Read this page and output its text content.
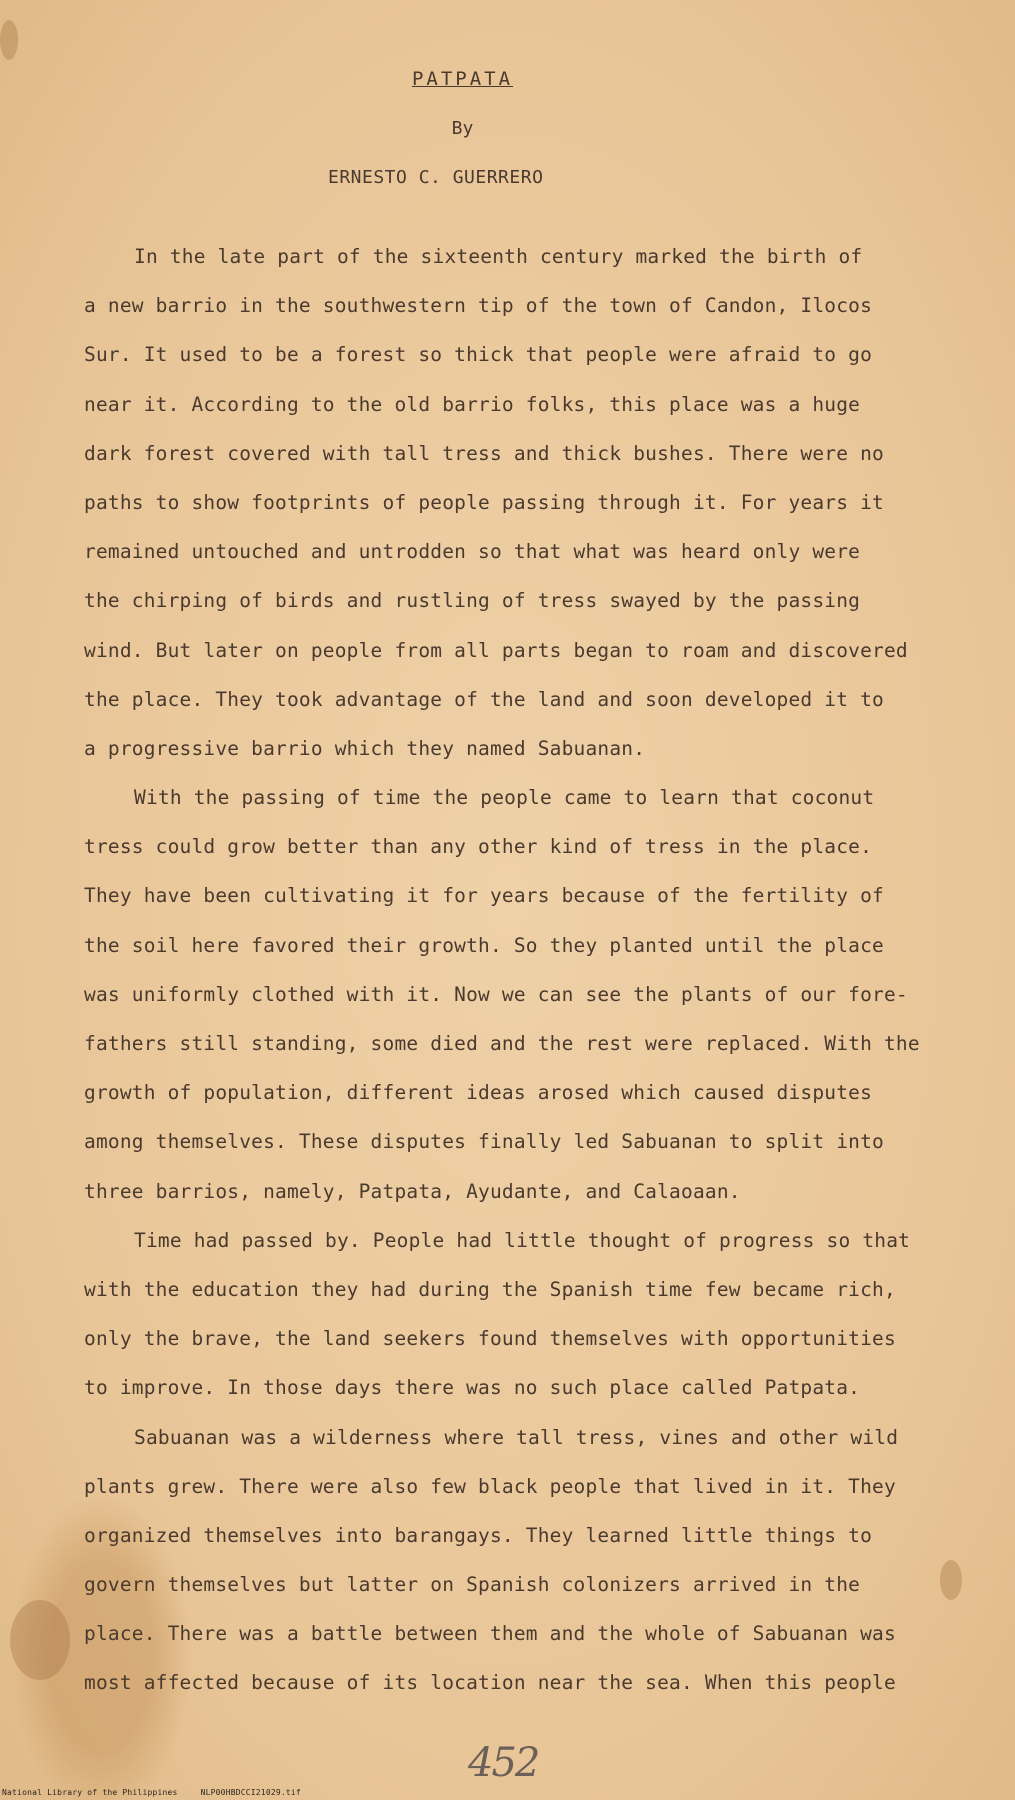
PATPATA
By
ERNESTO C. GUERRERO
In the late part of the sixteenth century marked the birth of
a new barrio in the southwestern tip of the town of Candon, Ilocos
Sur. It used to be a forest so thick that people were afraid to go
near it. According to the old barrio folks, this place was a huge
dark forest covered with tall tress and thick bushes. There were no
paths to show footprints of people passing through it. For years it
remained untouched and untrodden so that what was heard only were
the chirping of birds and rustling of tress swayed by the passing
wind. But later on people from all parts began to roam and discovered
the place. They took advantage of the land and soon developed it to
a progressive barrio which they named Sabuanan.
With the passing of time the people came to learn that coconut
tress could grow better than any other kind of tress in the place.
They have been cultivating it for years because of the fertility of
the soil here favored their growth. So they planted until the place
was uniformly clothed with it. Now we can see the plants of our fore-
fathers still standing, some died and the rest were replaced. With the
growth of population, different ideas arosed which caused disputes
among themselves. These disputes finally led Sabuanan to split into
three barrios, namely, Patpata, Ayudante, and Calaoaan.
Time had passed by. People had little thought of progress so that
with the education they had during the Spanish time few became rich,
only the brave, the land seekers found themselves with opportunities
to improve. In those days there was no such place called Patpata.
Sabuanan was a wilderness where tall tress, vines and other wild
plants grew. There were also few black people that lived in it. They
organized themselves into barangays. They learned little things to
govern themselves but latter on Spanish colonizers arrived in the
place. There was a battle between them and the whole of Sabuanan was
most affected because of its location near the sea. When this people
452
National Library of the Philippines	NLP00HBDCCI21029.tif
